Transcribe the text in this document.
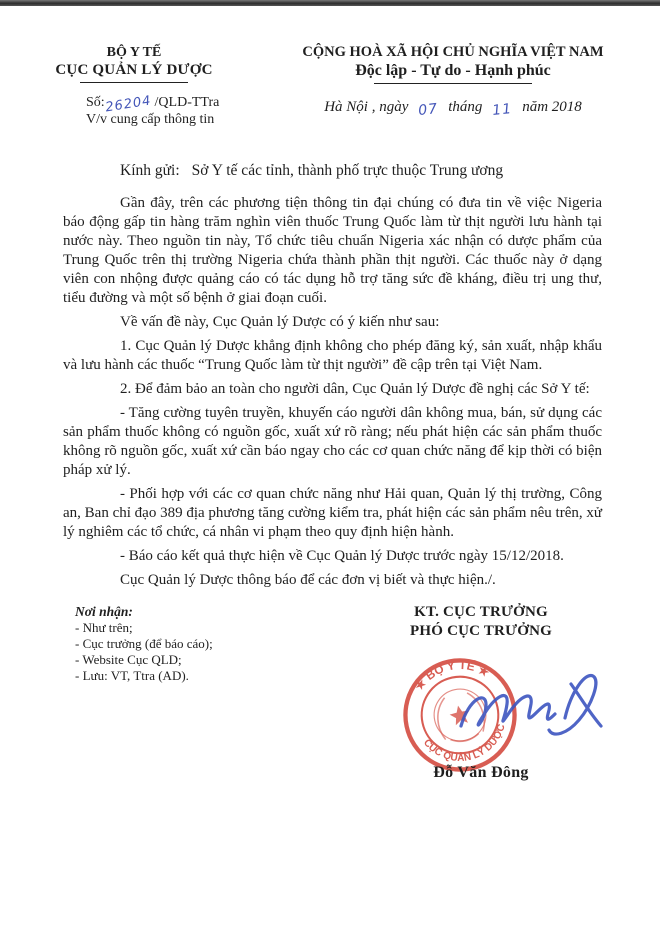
BỘ Y TẾ
CỤC QUẢN LÝ DƯỢC
CỘNG HOÀ XÃ HỘI CHỦ NGHĨA VIỆT NAM
Độc lập - Tự do - Hạnh phúc
Số:26204 /QLD-TTra
V/v cung cấp thông tin
Hà Nội , ngày 07 tháng 11 năm 2018
Kính gửi: Sở Y tế các tỉnh, thành phố trực thuộc Trung ương

Gần đây, trên các phương tiện thông tin đại chúng có đưa tin về việc Nigeria báo động gấp tin hàng trăm nghìn viên thuốc Trung Quốc làm từ thịt người lưu hành tại nước này. Theo nguồn tin này, Tổ chức tiêu chuẩn Nigeria xác nhận có dược phẩm của Trung Quốc trên thị trường Nigeria chứa thành phần thịt người. Các thuốc này ở dạng viên con nhộng được quảng cáo có tác dụng hỗ trợ tăng sức đề kháng, điều trị ung thư, tiểu đường và một số bệnh ở giai đoạn cuối.

Về vấn đề này, Cục Quản lý Dược có ý kiến như sau:

1. Cục Quản lý Dược khẳng định không cho phép đăng ký, sản xuất, nhập khẩu và lưu hành các thuốc “Trung Quốc làm từ thịt người” đề cập trên tại Việt Nam.

2. Để đảm bảo an toàn cho người dân, Cục Quản lý Dược đề nghị các Sở Y tế:

- Tăng cường tuyên truyền, khuyến cáo người dân không mua, bán, sử dụng các sản phẩm thuốc không có nguồn gốc, xuất xứ rõ ràng; nếu phát hiện các sản phẩm thuốc không rõ nguồn gốc, xuất xứ cần báo ngay cho các cơ quan chức năng để kịp thời có biện pháp xử lý.

- Phối hợp với các cơ quan chức năng như Hải quan, Quản lý thị trường, Công an, Ban chỉ đạo 389 địa phương tăng cường kiểm tra, phát hiện các sản phẩm nêu trên, xử lý nghiêm các tổ chức, cá nhân vi phạm theo quy định hiện hành.

- Báo cáo kết quả thực hiện về Cục Quản lý Dược trước ngày 15/12/2018.

Cục Quản lý Dược thông báo để các đơn vị biết và thực hiện./.

Nơi nhận:
- Như trên;
- Cục trưởng (để báo cáo);
- Website Cục QLD;
- Lưu: VT, Ttra (AD).
KT. CỤC TRƯỞNG
PHÓ CỤC TRƯỞNG
★ BỘ Y TẾ ★
CỤC QUẢN LÝ DƯỢC
Đỗ Văn Đông
